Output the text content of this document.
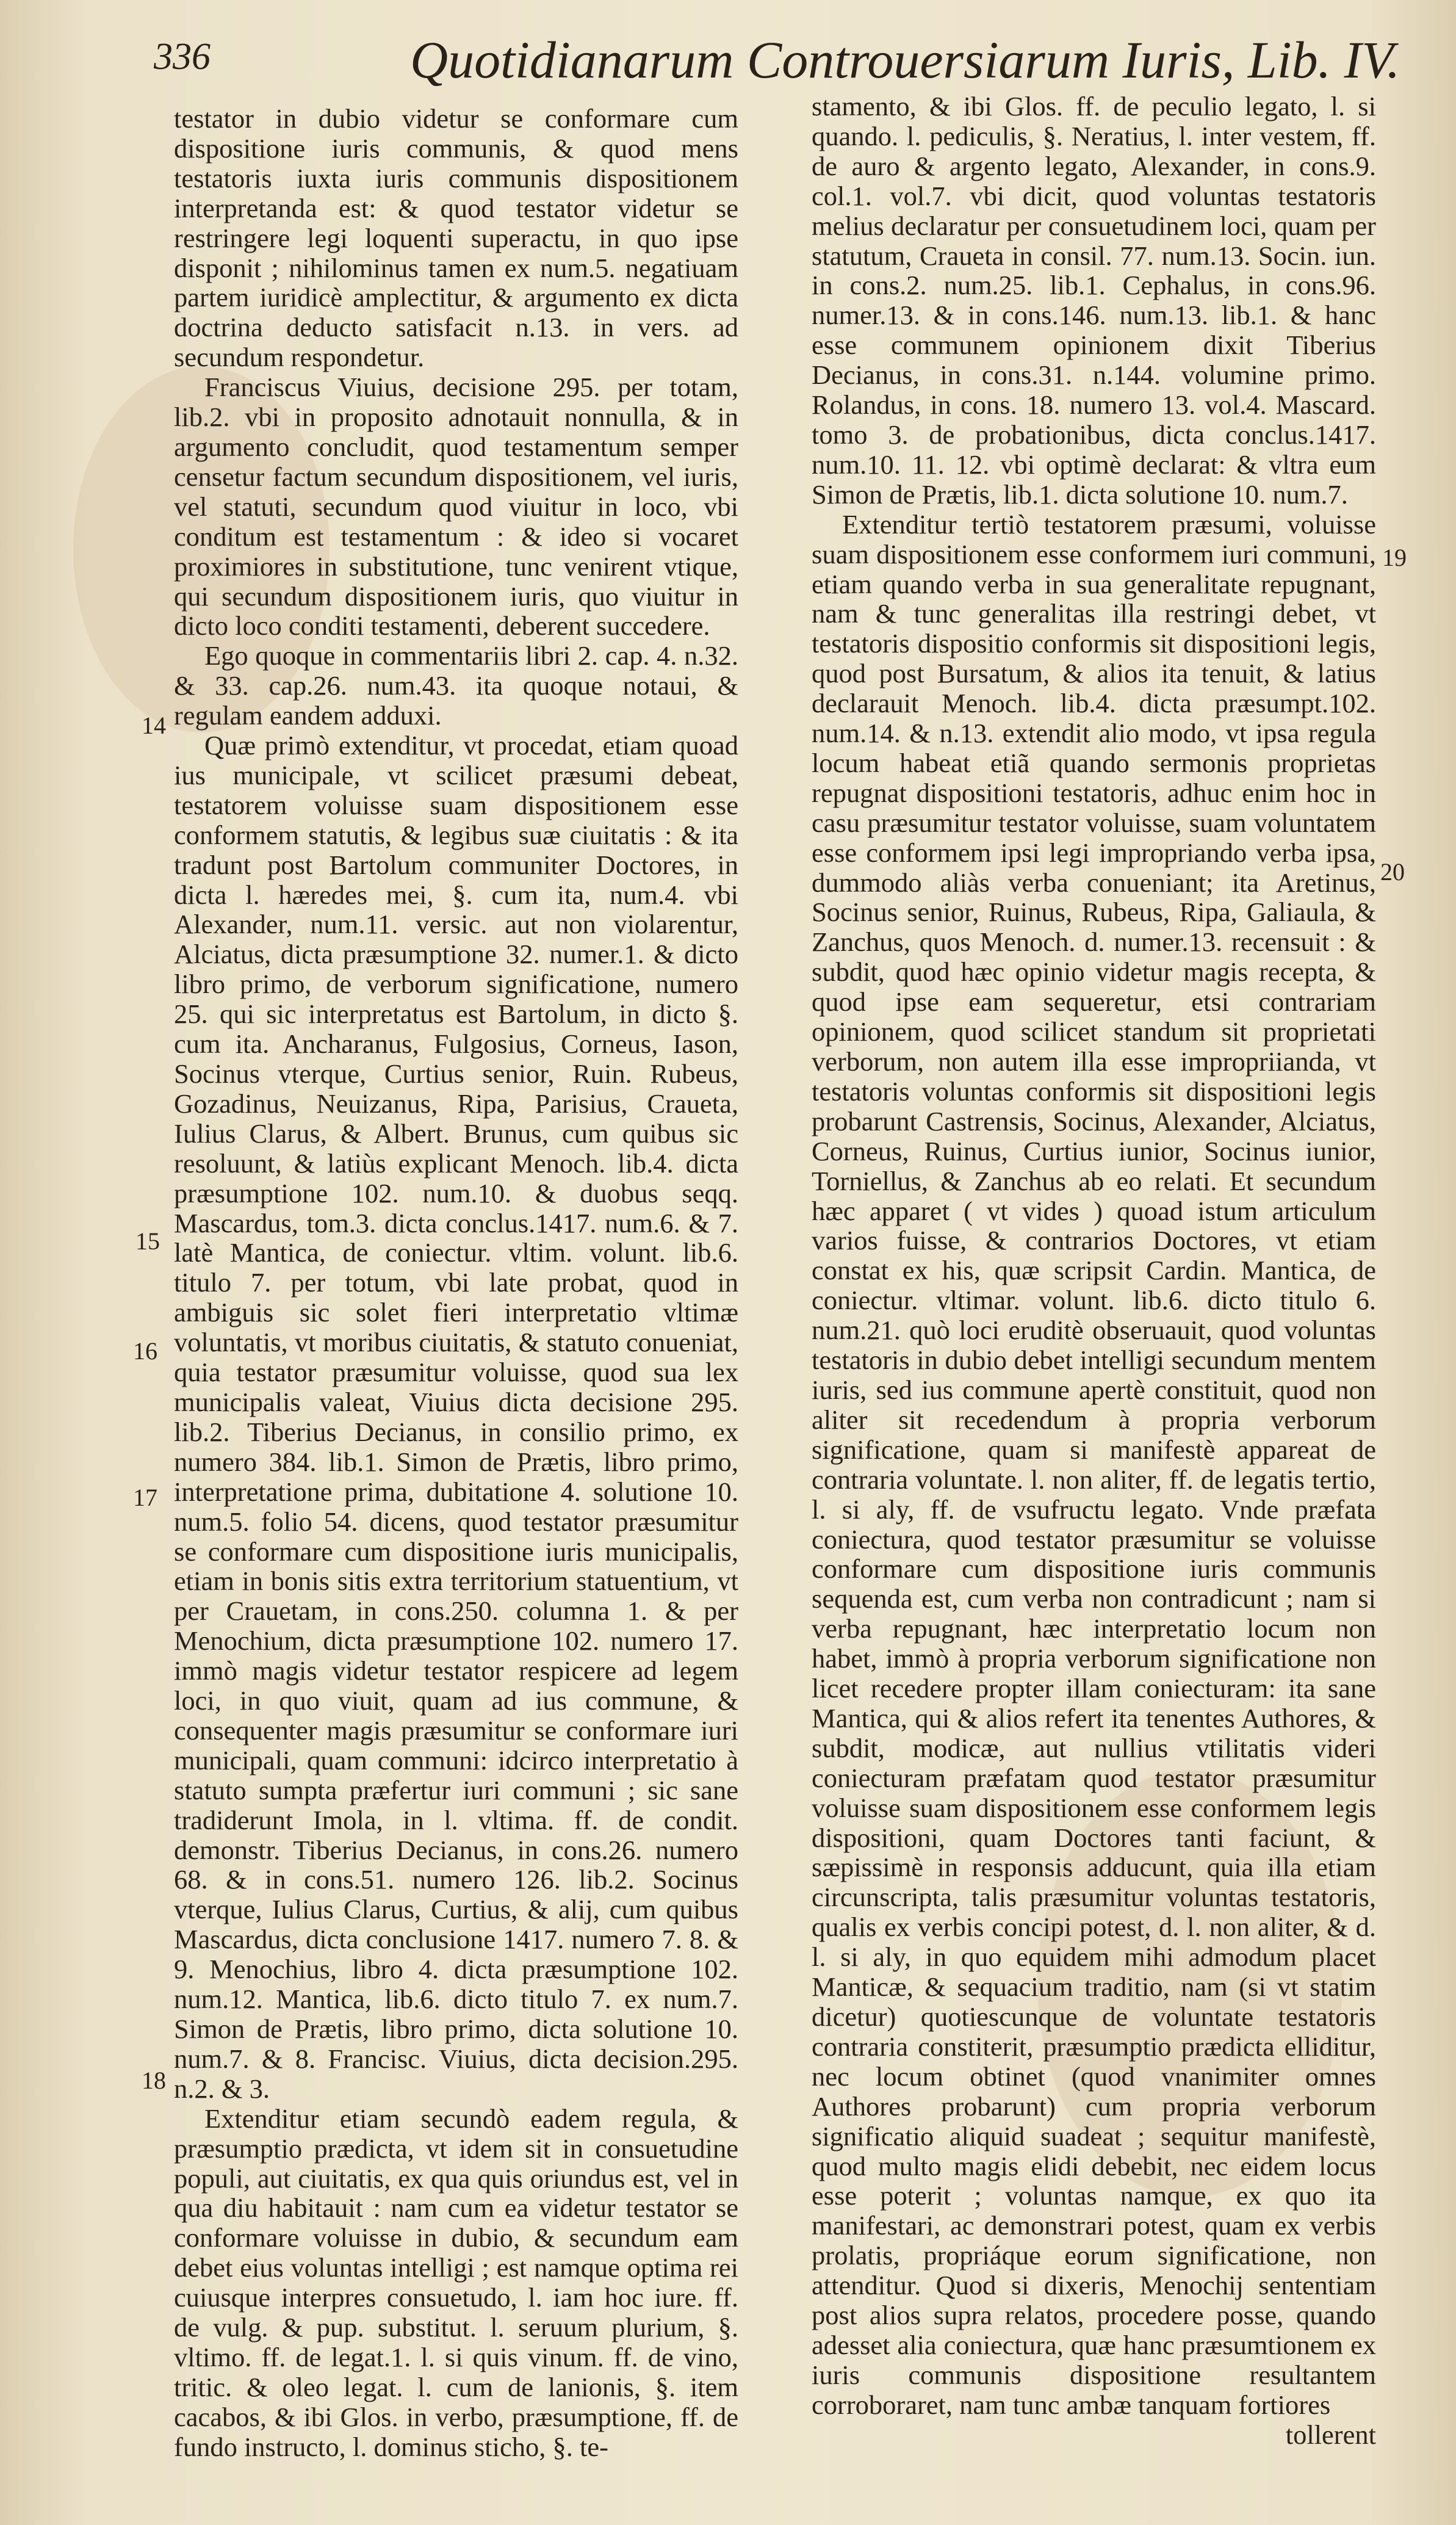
336	Quotidianarum Controuersiarum Iuris, Lib. IV.

testator in dubio videtur se conformare cum dispositione iuris communis, & quod mens testatoris iuxta iuris communis dispositionem interpretanda est: & quod testator videtur se restringere legi loquenti superactu, in quo ipse disponit ; nihilominus tamen ex num.5. negatiuam partem iuridicè amplectitur, & argumento ex dicta doctrina deducto satisfacit n.13. in vers. ad secundum respondetur.

Franciscus Viuius, decisione 295. per totam, lib.2. vbi in proposito adnotauit nonnulla, & in argumento concludit, quod testamentum semper censetur factum secundum dispositionem, vel iuris, vel statuti, secundum quod viuitur in loco, vbi conditum est testamentum : & ideo si vocaret proximiores in substitutione, tunc venirent vtique, qui secundum dispositionem iuris, quo viuitur in dicto loco conditi testamenti, deberent succedere.

Ego quoque in commentariis libri 2. cap. 4. n.32. & 33. cap.26. num.43. ita quoque notaui, & regulam eandem adduxi.

Quæ primò extenditur, vt procedat, etiam quoad ius municipale, vt scilicet præsumi debeat, testatorem voluisse suam dispositionem esse conformem statutis, & legibus suæ ciuitatis : & ita tradunt post Bartolum communiter Doctores, in dicta l. hæredes mei, §. cum ita, num.4. vbi Alexander, num.11. versic. aut non violarentur, Alciatus, dicta præsumptione 32. numer.1. & dicto libro primo, de verborum significatione, numero 25. qui sic interpretatus est Bartolum, in dicto §. cum ita. Ancharanus, Fulgosius, Corneus, Iason, Socinus vterque, Curtius senior, Ruin. Rubeus, Gozadinus, Neuizanus, Ripa, Parisius, Craueta, Iulius Clarus, & Albert. Brunus, cum quibus sic resoluunt, & latiùs explicant Menoch. lib.4. dicta præsumptione 102. num.10. & duobus seqq. Mascardus, tom.3. dicta conclus.1417. num.6. & 7. latè Mantica, de coniectur. vltim. volunt. lib.6. titulo 7. per totum, vbi late probat, quod in ambiguis sic solet fieri interpretatio vltimæ voluntatis, vt moribus ciuitatis, & statuto conueniat, quia testator præsumitur voluisse, quod sua lex municipalis valeat, Viuius dicta decisione 295. lib.2. Tiberius Decianus, in consilio primo, ex numero 384. lib.1. Simon de Prætis, libro primo, interpretatione prima, dubitatione 4. solutione 10. num.5. folio 54. dicens, quod testator præsumitur se conformare cum dispositione iuris municipalis, etiam in bonis sitis extra territorium statuentium, vt per Crauetam, in cons.250. columna 1. & per Menochium, dicta præsumptione 102. numero 17. immò magis videtur testator respicere ad legem loci, in quo viuit, quam ad ius commune, & consequenter magis præsumitur se conformare iuri municipali, quam communi: idcirco interpretatio à statuto sumpta præfertur iuri communi ; sic sane tradiderunt Imola, in l. vltima. ff. de condit. demonstr. Tiberius Decianus, in cons.26. numero 68. & in cons.51. numero 126. lib.2. Socinus vterque, Iulius Clarus, Curtius, & alij, cum quibus Mascardus, dicta conclusione 1417. numero 7. 8. & 9. Menochius, libro 4. dicta præsumptione 102. num.12. Mantica, lib.6. dicto titulo 7. ex num.7. Simon de Prætis, libro primo, dicta solutione 10. num.7. & 8. Francisc. Viuius, dicta decision.295. n.2. & 3.

Extenditur etiam secundò eadem regula, & præsumptio prædicta, vt idem sit in consuetudine populi, aut ciuitatis, ex qua quis oriundus est, vel in qua diu habitauit : nam cum ea videtur testator se conformare voluisse in dubio, & secundum eam debet eius voluntas intelligi ; est namque optima rei cuiusque interpres consuetudo, l. iam hoc iure. ff. de vulg. & pup. substitut. l. seruum plurium, §. vltimo. ff. de legat.1. l. si quis vinum. ff. de vino, tritic. & oleo legat. l. cum de lanionis, §. item cacabos, & ibi Glos. in verbo, præsumptione, ff. de fundo instructo, l. dominus sticho, §. te-

14
15
16
17
18

stamento, & ibi Glos. ff. de peculio legato, l. si quando. l. pediculis, §. Neratius, l. inter vestem, ff. de auro & argento legato, Alexander, in cons.9. col.1. vol.7. vbi dicit, quod voluntas testatoris melius declaratur per consuetudinem loci, quam per statutum, Craueta in consil. 77. num.13. Socin. iun. in cons.2. num.25. lib.1. Cephalus, in cons.96. numer.13. & in cons.146. num.13. lib.1. & hanc esse communem opinionem dixit Tiberius Decianus, in cons.31. n.144. volumine primo. Rolandus, in cons. 18. numero 13. vol.4. Mascard. tomo 3. de probationibus, dicta conclus.1417. num.10. 11. 12. vbi optimè declarat: & vltra eum Simon de Prætis, lib.1. dicta solutione 10. num.7.

Extenditur tertiò testatorem præsumi, voluisse suam dispositionem esse conformem iuri communi, etiam quando verba in sua generalitate repugnant, nam & tunc generalitas illa restringi debet, vt testatoris dispositio conformis sit dispositioni legis, quod post Bursatum, & alios ita tenuit, & latius declarauit Menoch. lib.4. dicta præsumpt.102. num.14. & n.13. extendit alio modo, vt ipsa regula locum habeat etiã quando sermonis proprietas repugnat dispositioni testatoris, adhuc enim hoc in casu præsumitur testator voluisse, suam voluntatem esse conformem ipsi legi impropriando verba ipsa, dummodo aliàs verba conueniant; ita Aretinus, Socinus senior, Ruinus, Rubeus, Ripa, Galiaula, & Zanchus, quos Menoch. d. numer.13. recensuit : & subdit, quod hæc opinio videtur magis recepta, & quod ipse eam sequeretur, etsi contrariam opinionem, quod scilicet standum sit proprietati verborum, non autem illa esse impropriianda, vt testatoris voluntas conformis sit dispositioni legis probarunt Castrensis, Socinus, Alexander, Alciatus, Corneus, Ruinus, Curtius iunior, Socinus iunior, Torniellus, & Zanchus ab eo relati. Et secundum hæc apparet ( vt vides ) quoad istum articulum varios fuisse, & contrarios Doctores, vt etiam constat ex his, quæ scripsit Cardin. Mantica, de coniectur. vltimar. volunt. lib.6. dicto titulo 6. num.21. quò loci eruditè obseruauit, quod voluntas testatoris in dubio debet intelligi secundum mentem iuris, sed ius commune apertè constituit, quod non aliter sit recedendum à propria verborum significatione, quam si manifestè appareat de contraria voluntate. l. non aliter, ff. de legatis tertio, l. si aly, ff. de vsufructu legato. Vnde præfata coniectura, quod testator præsumitur se voluisse conformare cum dispositione iuris communis sequenda est, cum verba non contradicunt ; nam si verba repugnant, hæc interpretatio locum non habet, immò à propria verborum significatione non licet recedere propter illam coniecturam: ita sane Mantica, qui & alios refert ita tenentes Authores, & subdit, modicæ, aut nullius vtilitatis videri coniecturam præfatam quod testator præsumitur voluisse suam dispositionem esse conformem legis dispositioni, quam Doctores tanti faciunt, & sæpissimè in responsis adducunt, quia illa etiam circunscripta, talis præsumitur voluntas testatoris, qualis ex verbis concipi potest, d. l. non aliter, & d. l. si aly, in quo equidem mihi admodum placet Manticæ, & sequacium traditio, nam (si vt statim dicetur) quotiescunque de voluntate testatoris contraria constiterit, præsumptio prædicta elliditur, nec locum obtinet (quod vnanimiter omnes Authores probarunt) cum propria verborum significatio aliquid suadeat ; sequitur manifestè, quod multo magis elidi debebit, nec eidem locus esse poterit ; voluntas namque, ex quo ita manifestari, ac demonstrari potest, quam ex verbis prolatis, propriáque eorum significatione, non attenditur. Quod si dixeris, Menochij sententiam post alios supra relatos, procedere posse, quando adesset alia coniectura, quæ hanc præsumtionem ex iuris communis dispositione resultantem corroboraret, nam tunc ambæ tanquam fortiores

tollerent

19
20
